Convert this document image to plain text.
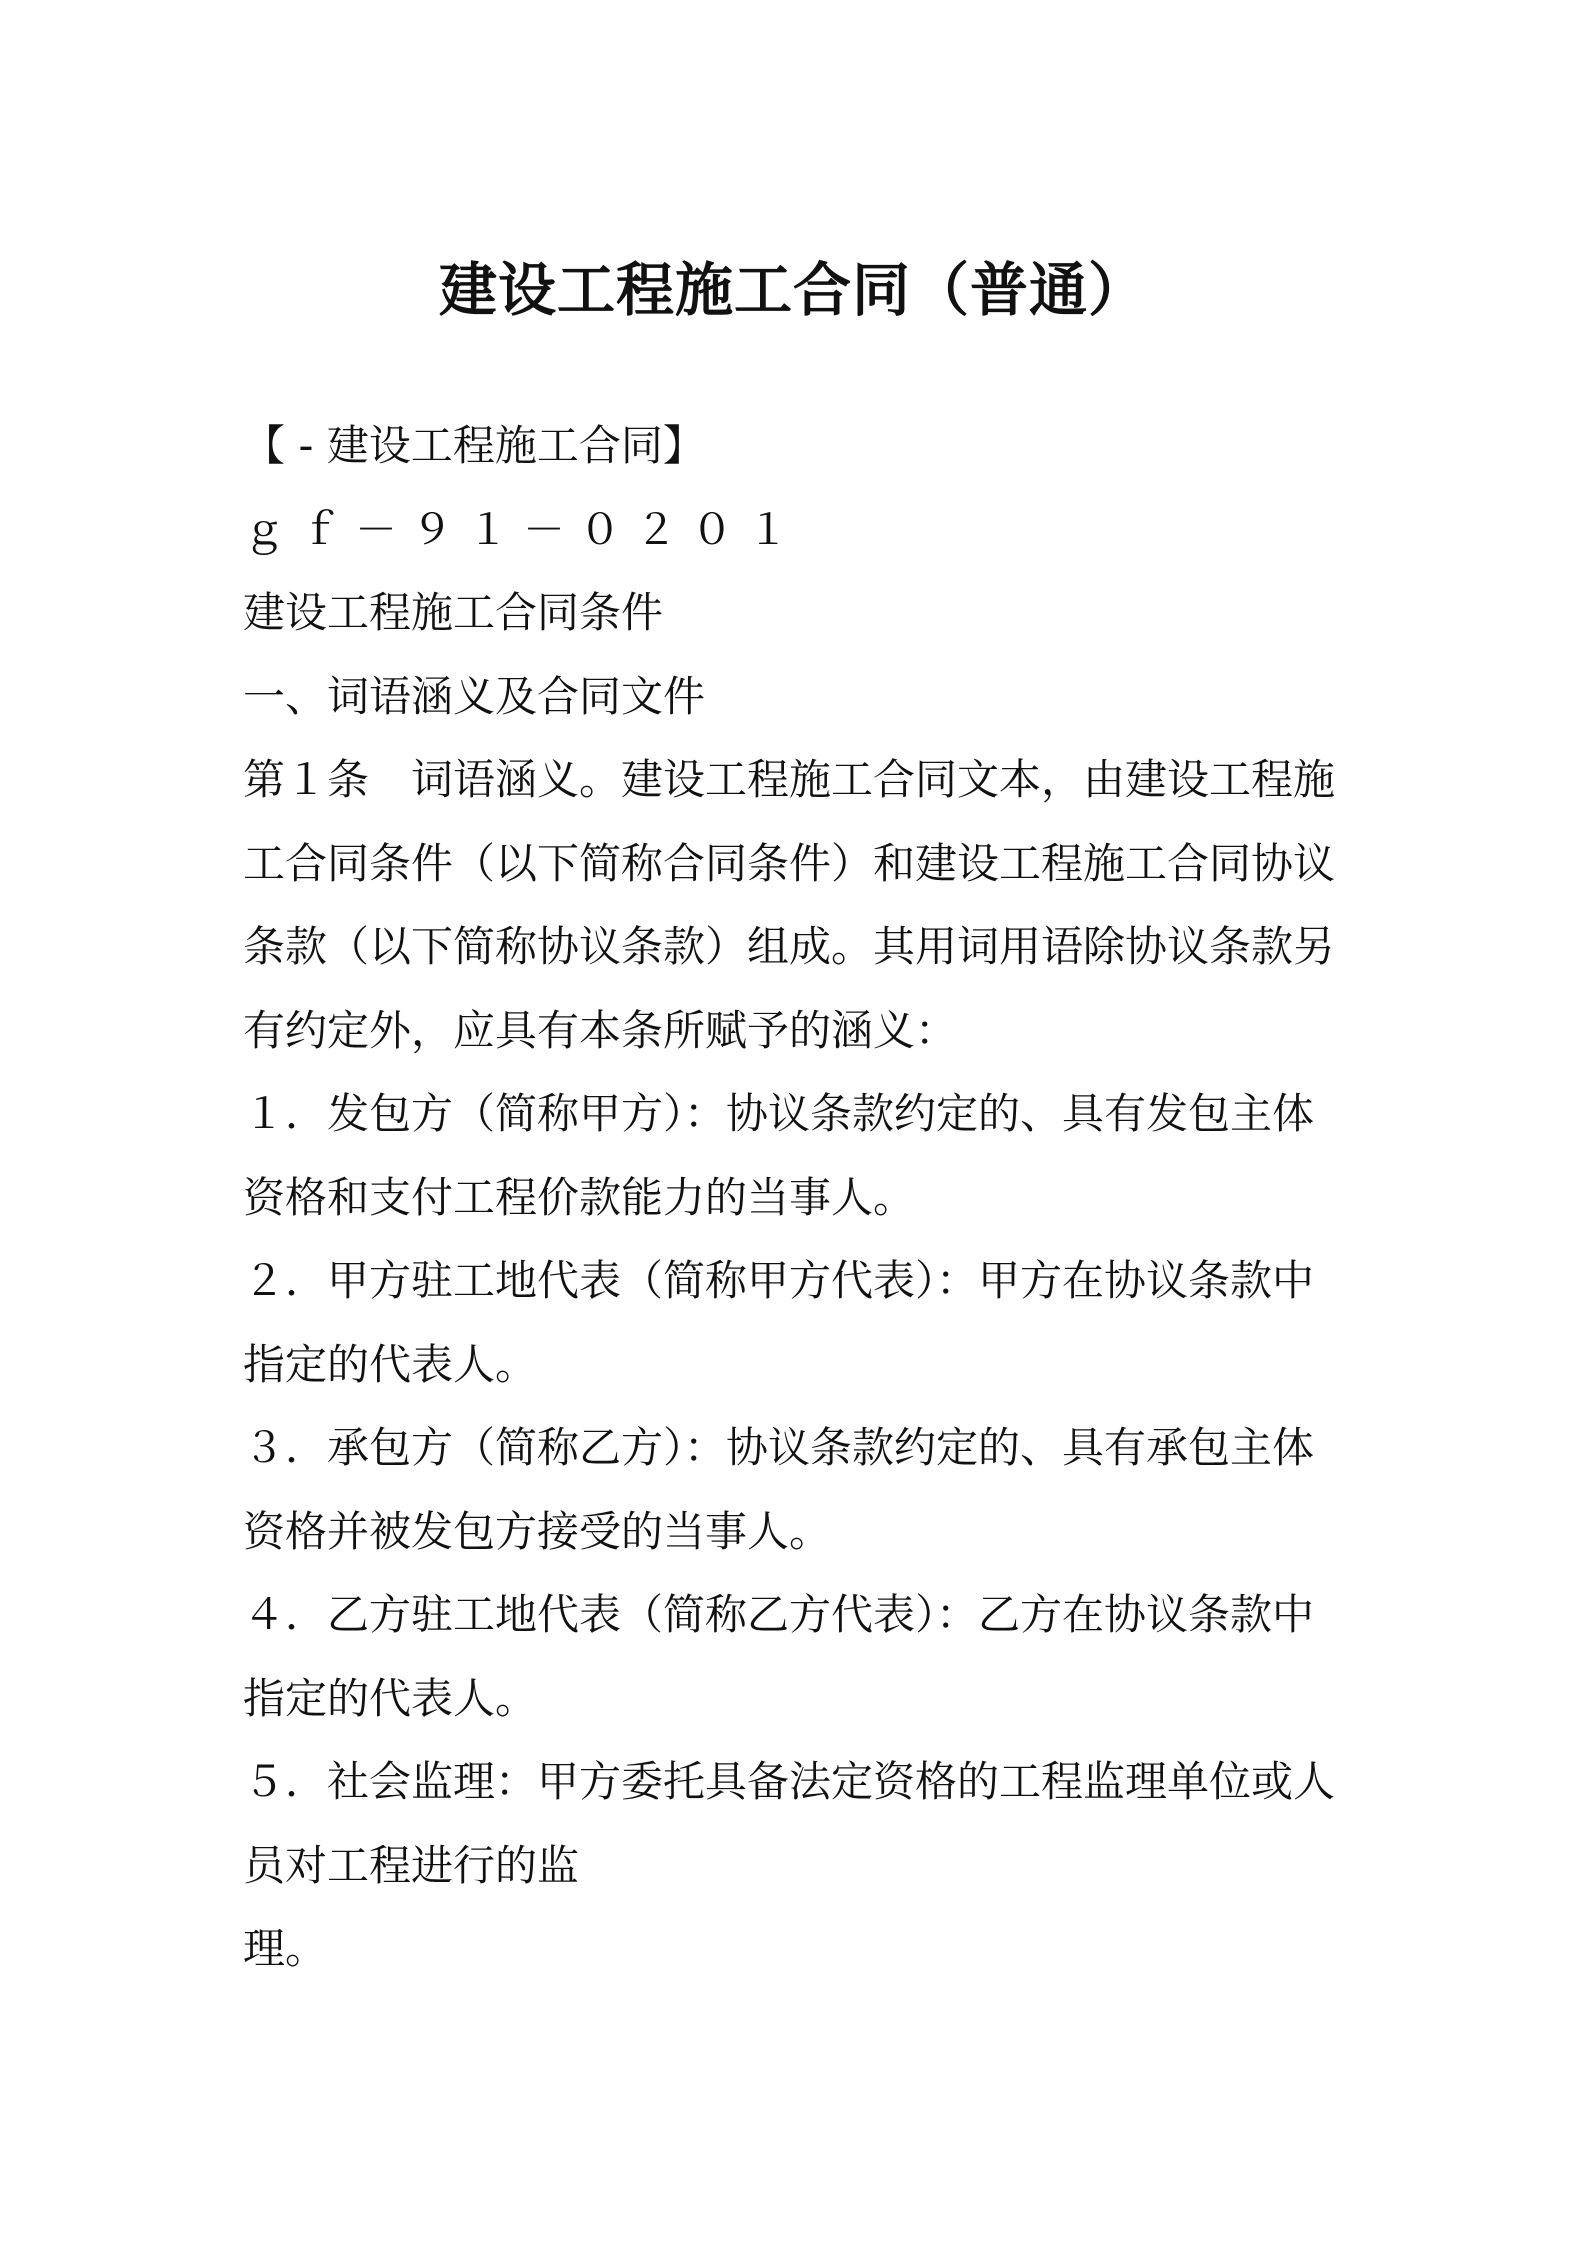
建设工程施工合同（普通）
【 - 建设工程施工合同】
ｇｆ－９１－０２０１
建设工程施工合同条件
一、词语涵义及合同文件
第１条　词语涵义。建设工程施工合同文本，由建设工程施
工合同条件（以下简称合同条件）和建设工程施工合同协议
条款（以下简称协议条款）组成。其用词用语除协议条款另
有约定外，应具有本条所赋予的涵义：
１．发包方（简称甲方）：协议条款约定的、具有发包主体
资格和支付工程价款能力的当事人。
２．甲方驻工地代表（简称甲方代表）：甲方在协议条款中
指定的代表人。
３．承包方（简称乙方）：协议条款约定的、具有承包主体
资格并被发包方接受的当事人。
４．乙方驻工地代表（简称乙方代表）：乙方在协议条款中
指定的代表人。
５．社会监理：甲方委托具备法定资格的工程监理单位或人
员对工程进行的监
理。
